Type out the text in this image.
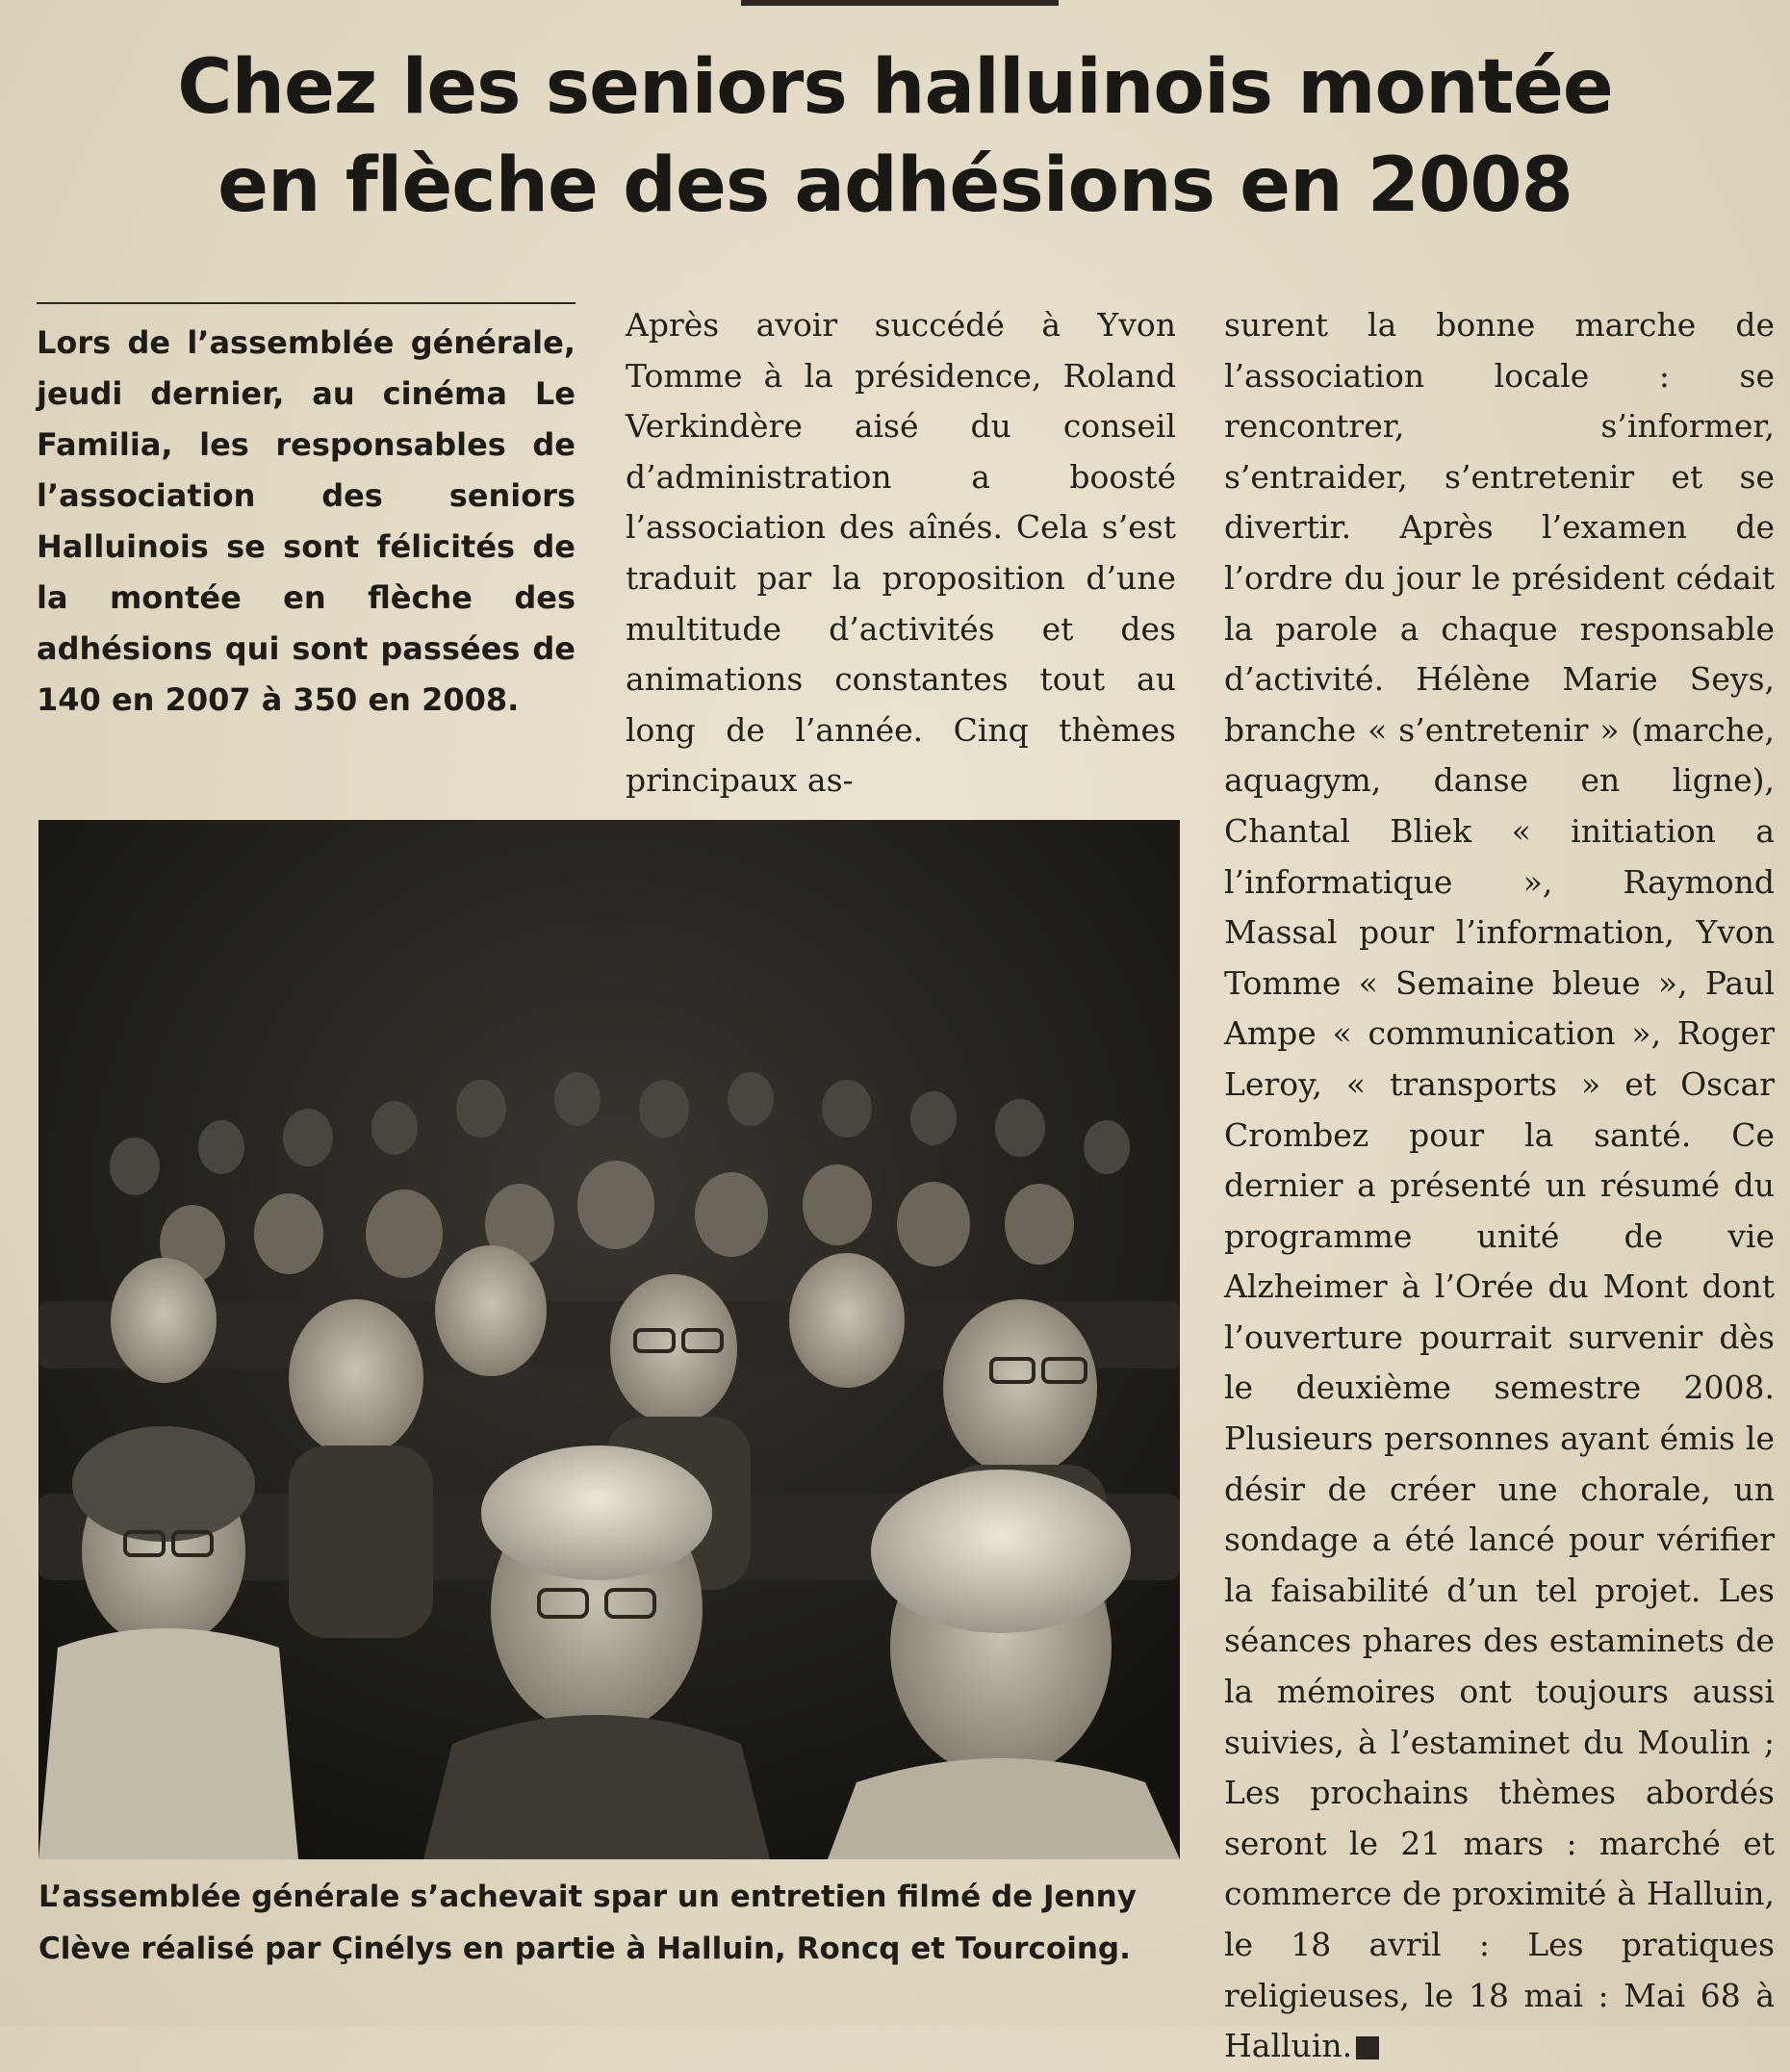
Chez les seniors halluinois montée
en flèche des adhésions en 2008

Lors de l’assemblée générale, jeudi dernier, au cinéma Le Familia, les responsables de l’association des seniors Halluinois se sont félicités de la montée en flèche des adhésions qui sont passées de 140 en 2007 à 350 en 2008.

Après avoir succédé à Yvon Tomme à la présidence, Roland Verkindère aisé du conseil d’administration a boosté l’association des aînés. Cela s’est traduit par la proposition d’une multitude d’activités et des animations constantes tout au long de l’année. Cinq thèmes principaux as-
surent la bonne marche de l’association locale : se rencontrer, s’informer, s’entraider, s’entretenir et se divertir. Après l’examen de l’ordre du jour le président cédait la parole a chaque responsable d’activité. Hélène Marie Seys, branche « s’entretenir » (marche, aquagym, danse en ligne), Chantal Bliek « initiation a l’informatique », Raymond Massal pour l’information, Yvon Tomme « Semaine bleue », Paul Ampe « communication », Roger Leroy, « transports » et Oscar Crombez pour la santé. Ce dernier a présenté un résumé du programme unité de vie Alzheimer à l’Orée du Mont dont l’ouverture pourrait survenir dès le deuxième semestre 2008. Plusieurs personnes ayant émis le désir de créer une chorale, un sondage a été lancé pour vérifier la faisabilité d’un tel projet. Les séances phares des estaminets de la mémoires ont toujours aussi suivies, à l’estaminet du Moulin ; Les prochains thèmes abordés seront le 21 mars : marché et commerce de proximité à Halluin, le 18 avril : Les pratiques religieuses, le 18 mai : Mai 68 à Halluin.

L’assemblée générale s’achevait spar un entretien filmé de Jenny Clève réalisé par Çinélys en partie à Halluin, Roncq et Tourcoing.
